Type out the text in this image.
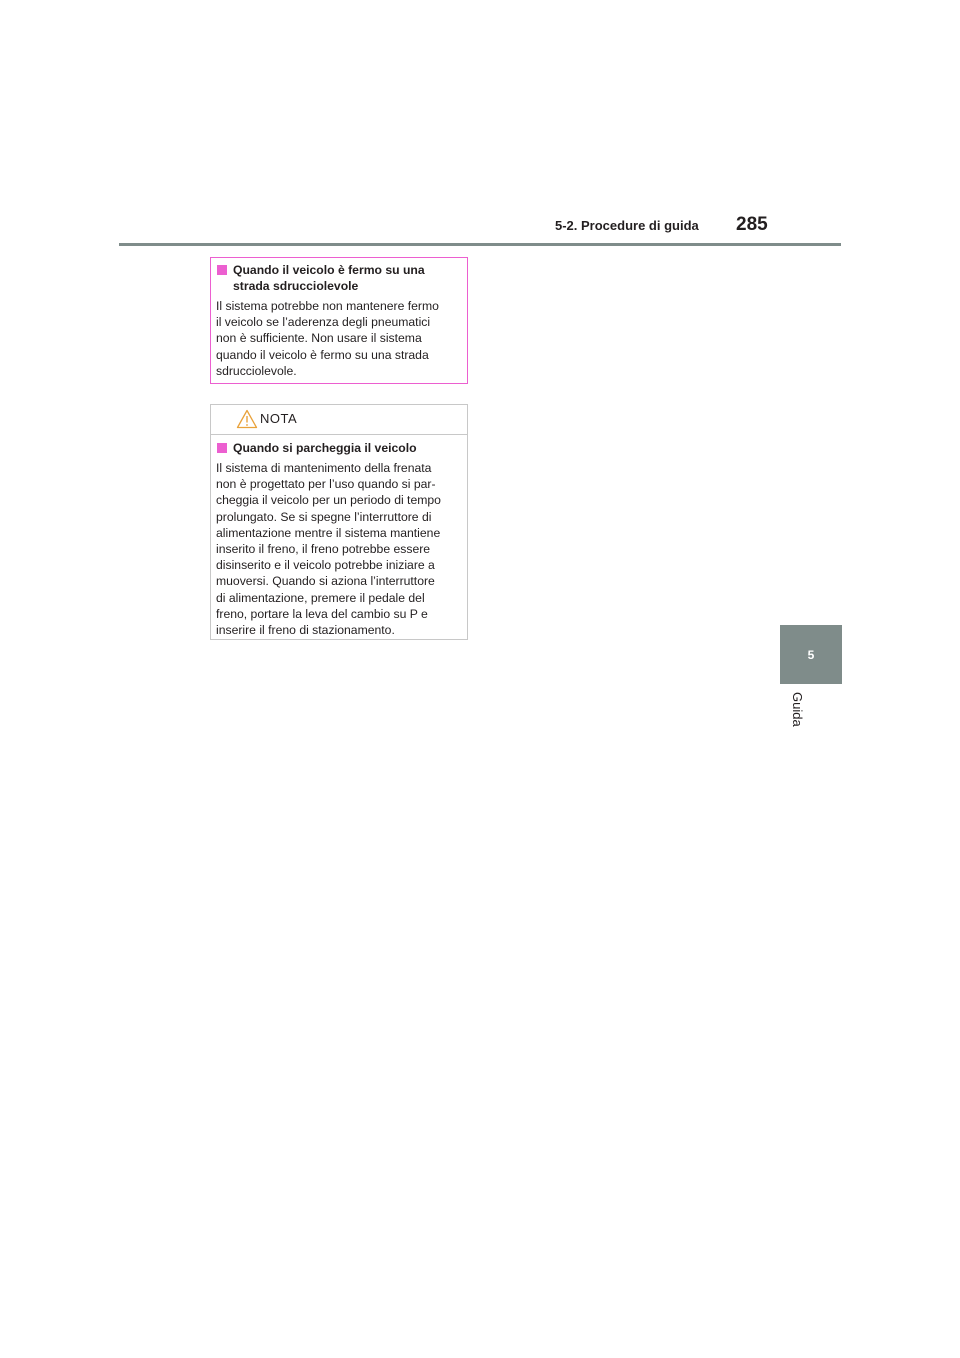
5-2. Procedure di guida 285
5
Guida

Quando il veicolo è fermo su una
strada sdrucciolevole

Il sistema potrebbe non mantenere fermo
il veicolo se l’aderenza degli pneumatici
non è sufficiente. Non usare il sistema
quando il veicolo è fermo su una strada
sdrucciolevole.

NOTA

Quando si parcheggia il veicolo

Il sistema di mantenimento della frenata
non è progettato per l’uso quando si par-
cheggia il veicolo per un periodo di tempo
prolungato. Se si spegne l’interruttore di
alimentazione mentre il sistema mantiene
inserito il freno, il freno potrebbe essere
disinserito e il veicolo potrebbe iniziare a
muoversi. Quando si aziona l’interruttore
di alimentazione, premere il pedale del
freno, portare la leva del cambio su P e
inserire il freno di stazionamento.
